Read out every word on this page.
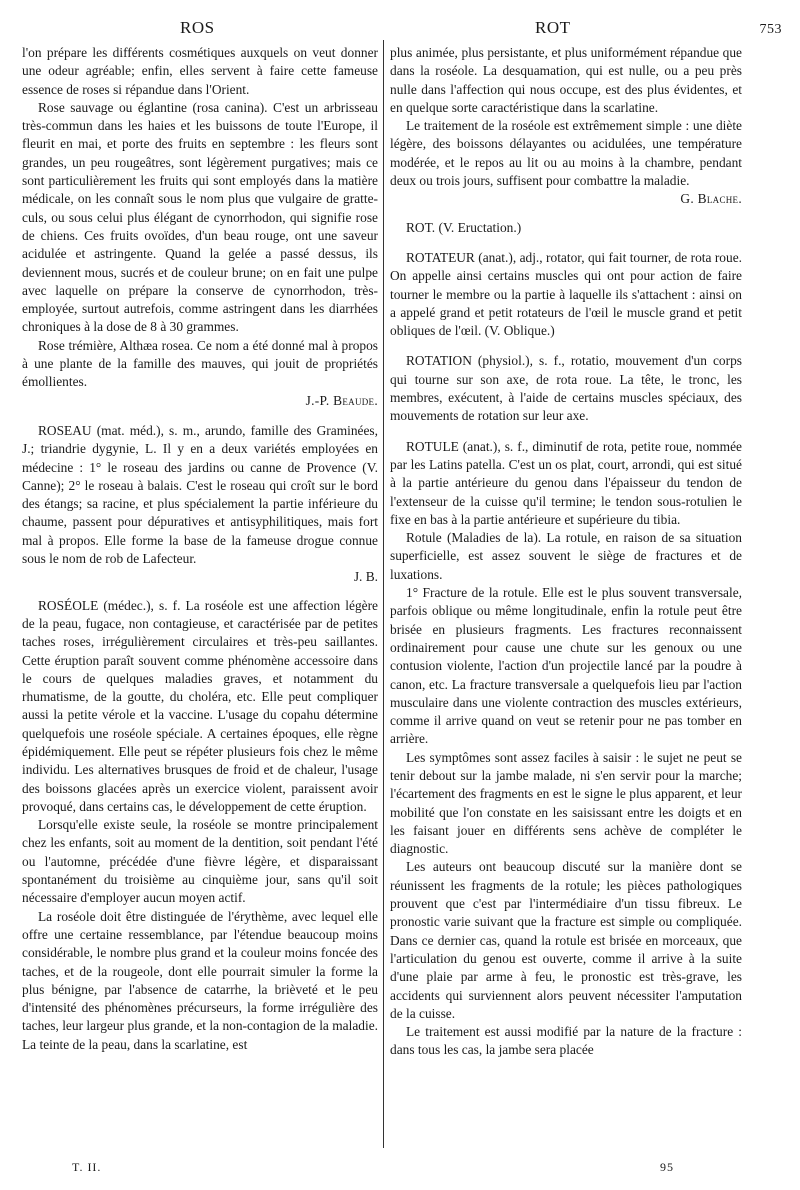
ROS	ROT	753

l'on prépare les différents cosmétiques auxquels on veut donner une odeur agréable; enfin, elles servent à faire cette fameuse essence de roses si répandue dans l'Orient.

Rose sauvage ou églantine (rosa canina). C'est un arbrisseau très-commun dans les haies et les buissons de toute l'Europe, il fleurit en mai, et porte des fruits en septembre : les fleurs sont grandes, un peu rougeâtres, sont légèrement purgatives; mais ce sont particulièrement les fruits qui sont employés dans la matière médicale, on les connaît sous le nom plus que vulgaire de gratte-culs, ou sous celui plus élégant de cynorrhodon, qui signifie rose de chiens. Ces fruits ovoïdes, d'un beau rouge, ont une saveur acidulée et astringente. Quand la gelée a passé dessus, ils deviennent mous, sucrés et de couleur brune; on en fait une pulpe avec laquelle on prépare la conserve de cynorrhodon, très-employée, surtout autrefois, comme astringent dans les diarrhées chroniques à la dose de 8 à 30 grammes.

Rose trémière, Althæa rosea. Ce nom a été donné mal à propos à une plante de la famille des mauves, qui jouit de propriétés émollientes.

J.-P. Beaude.

ROSEAU (mat. méd.), s. m., arundo, famille des Graminées, J.; triandrie dygynie, L. Il y en a deux variétés employées en médecine : 1° le roseau des jardins ou canne de Provence (V. Canne); 2° le roseau à balais. C'est le roseau qui croît sur le bord des étangs; sa racine, et plus spécialement la partie inférieure du chaume, passent pour dépuratives et antisyphilitiques, mais fort mal à propos. Elle forme la base de la fameuse drogue connue sous le nom de rob de Lafecteur.

J. B.

ROSÉOLE (médec.), s. f. La roséole est une affection légère de la peau, fugace, non contagieuse, et caractérisée par de petites taches roses, irrégulièrement circulaires et très-peu saillantes. Cette éruption paraît souvent comme phénomène accessoire dans le cours de quelques maladies graves, et notamment du rhumatisme, de la goutte, du choléra, etc. Elle peut compliquer aussi la petite vérole et la vaccine. L'usage du copahu détermine quelquefois une roséole spéciale. A certaines époques, elle règne épidémiquement. Elle peut se répéter plusieurs fois chez le même individu. Les alternatives brusques de froid et de chaleur, l'usage des boissons glacées après un exercice violent, paraissent avoir provoqué, dans certains cas, le développement de cette éruption.

Lorsqu'elle existe seule, la roséole se montre principalement chez les enfants, soit au moment de la dentition, soit pendant l'été ou l'automne, précédée d'une fièvre légère, et disparaissant spontanément du troisième au cinquième jour, sans qu'il soit nécessaire d'employer aucun moyen actif.

La roséole doit être distinguée de l'érythème, avec lequel elle offre une certaine ressemblance, par l'étendue beaucoup moins considérable, le nombre plus grand et la couleur moins foncée des taches, et de la rougeole, dont elle pourrait simuler la forme la plus bénigne, par l'absence de catarrhe, la brièveté et le peu d'intensité des phénomènes précurseurs, la forme irrégulière des taches, leur largeur plus grande, et la non-contagion de la maladie. La teinte de la peau, dans la scarlatine, est

plus animée, plus persistante, et plus uniformément répandue que dans la roséole. La desquamation, qui est nulle, ou a peu près nulle dans l'affection qui nous occupe, est des plus évidentes, et en quelque sorte caractéristique dans la scarlatine.

Le traitement de la roséole est extrêmement simple : une diète légère, des boissons délayantes ou acidulées, une température modérée, et le repos au lit ou au moins à la chambre, pendant deux ou trois jours, suffisent pour combattre la maladie.

G. Blache.

ROT. (V. Eructation.)

ROTATEUR (anat.), adj., rotator, qui fait tourner, de rota roue. On appelle ainsi certains muscles qui ont pour action de faire tourner le membre ou la partie à laquelle ils s'attachent : ainsi on a appelé grand et petit rotateurs de l'œil le muscle grand et petit obliques de l'œil. (V. Oblique.)

ROTATION (physiol.), s. f., rotatio, mouvement d'un corps qui tourne sur son axe, de rota roue. La tête, le tronc, les membres, exécutent, à l'aide de certains muscles spéciaux, des mouvements de rotation sur leur axe.

ROTULE (anat.), s. f., diminutif de rota, petite roue, nommée par les Latins patella. C'est un os plat, court, arrondi, qui est situé à la partie antérieure du genou dans l'épaisseur du tendon de l'extenseur de la cuisse qu'il termine; le tendon sous-rotulien le fixe en bas à la partie antérieure et supérieure du tibia.

Rotule (Maladies de la). La rotule, en raison de sa situation superficielle, est assez souvent le siège de fractures et de luxations.

1° Fracture de la rotule. Elle est le plus souvent transversale, parfois oblique ou même longitudinale, enfin la rotule peut être brisée en plusieurs fragments. Les fractures reconnaissent ordinairement pour cause une chute sur les genoux ou une contusion violente, l'action d'un projectile lancé par la poudre à canon, etc. La fracture transversale a quelquefois lieu par l'action musculaire dans une violente contraction des muscles extérieurs, comme il arrive quand on veut se retenir pour ne pas tomber en arrière.

Les symptômes sont assez faciles à saisir : le sujet ne peut se tenir debout sur la jambe malade, ni s'en servir pour la marche; l'écartement des fragments en est le signe le plus apparent, et leur mobilité que l'on constate en les saisissant entre les doigts et en les faisant jouer en différents sens achève de compléter le diagnostic.

Les auteurs ont beaucoup discuté sur la manière dont se réunissent les fragments de la rotule; les pièces pathologiques prouvent que c'est par l'intermédiaire d'un tissu fibreux. Le pronostic varie suivant que la fracture est simple ou compliquée. Dans ce dernier cas, quand la rotule est brisée en morceaux, que l'articulation du genou est ouverte, comme il arrive à la suite d'une plaie par arme à feu, le pronostic est très-grave, les accidents qui surviennent alors peuvent nécessiter l'amputation de la cuisse.

Le traitement est aussi modifié par la nature de la fracture : dans tous les cas, la jambe sera placée

T. II.	95
